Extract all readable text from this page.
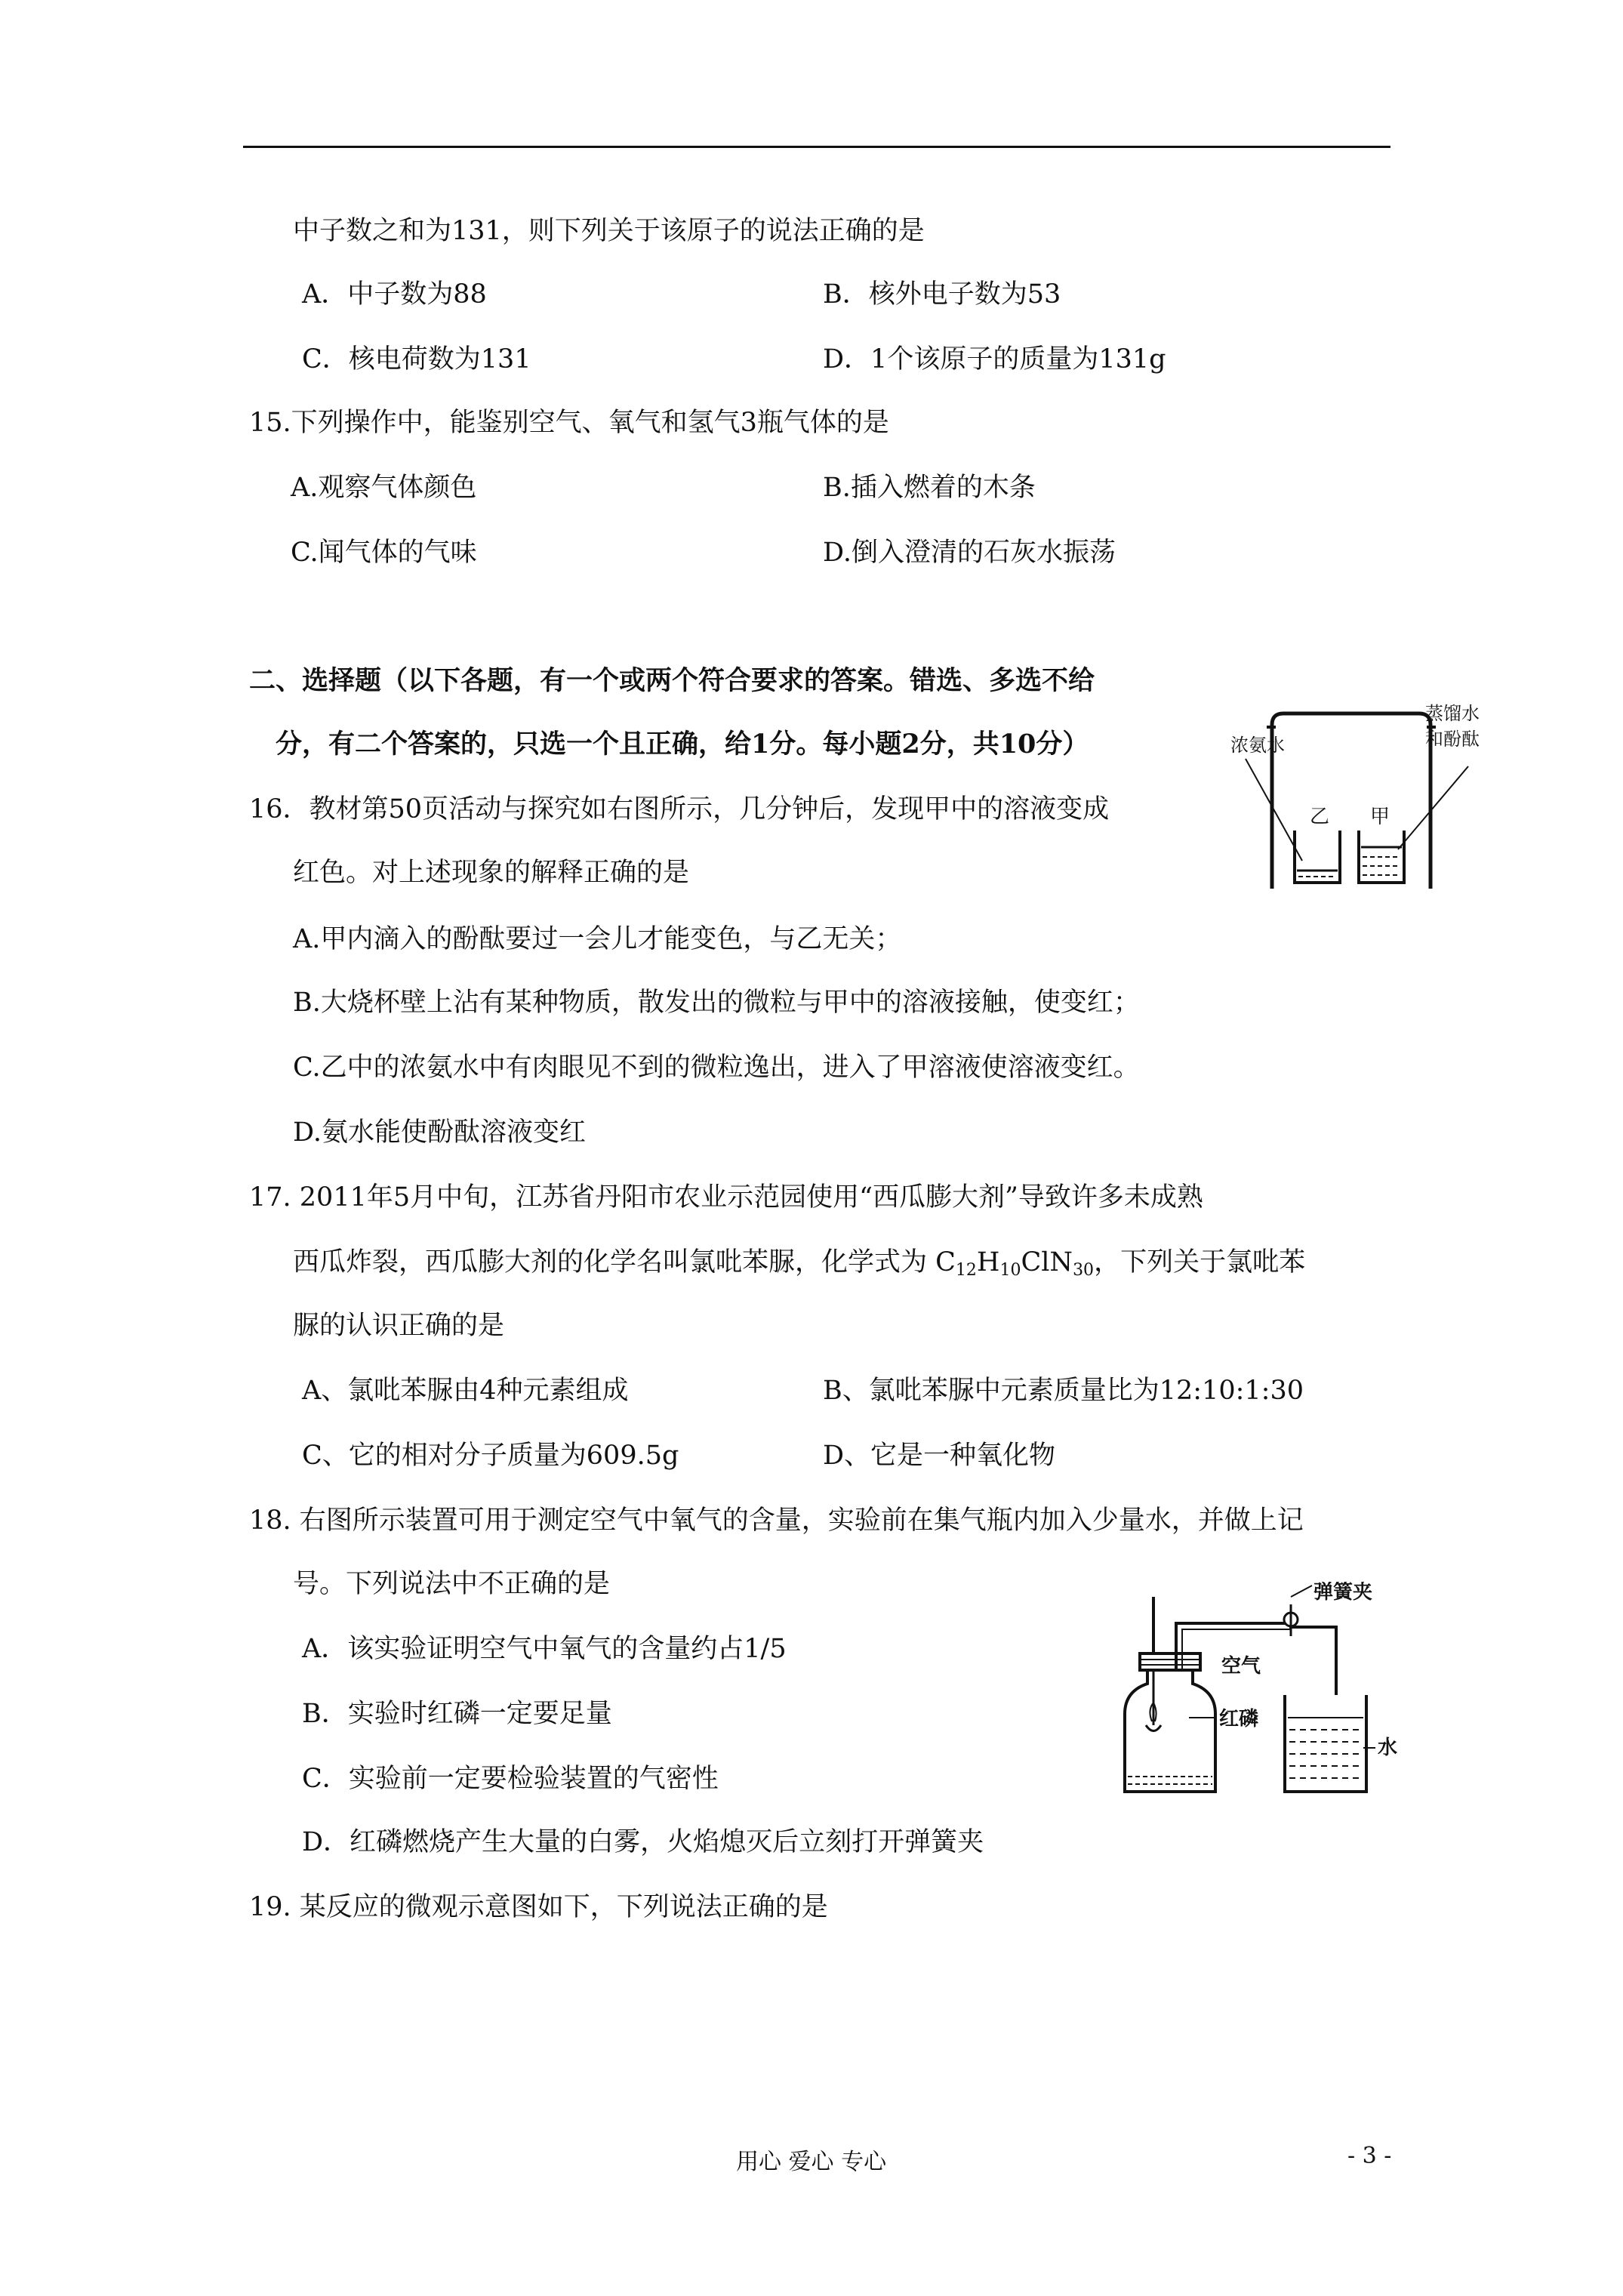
中子数之和为131，则下列关于该原子的说法正确的是
A．中子数为88	B．核外电子数为53
C．核电荷数为131	D．1个该原子的质量为131g
15.下列操作中，能鉴别空气、氧气和氢气3瓶气体的是
A.观察气体颜色	B.插入燃着的木条
C.闻气体的气味	D.倒入澄清的石灰水振荡
二、选择题（以下各题，有一个或两个符合要求的答案。错选、多选不给
分，有二个答案的，只选一个且正确，给1分。每小题2分，共10分）
16．教材第50页活动与探究如右图所示，几分钟后，发现甲中的溶液变成
红色。对上述现象的解释正确的是
A.甲内滴入的酚酞要过一会儿才能变色，与乙无关；
B.大烧杯壁上沾有某种物质，散发出的微粒与甲中的溶液接触，使变红；
C.乙中的浓氨水中有肉眼见不到的微粒逸出，进入了甲溶液使溶液变红。
D.氨水能使酚酞溶液变红
浓氨水
蒸馏水
和酚酞
乙 甲
17. 2011年5月中旬，江苏省丹阳市农业示范园使用“西瓜膨大剂”导致许多未成熟
西瓜炸裂，西瓜膨大剂的化学名叫氯吡苯脲，化学式为 $C_{12}H_{10}ClN_{30}$，下列关于氯吡苯
脲的认识正确的是
A、氯吡苯脲由4种元素组成	B、氯吡苯脲中元素质量比为12:10:1:30
C、它的相对分子质量为609.5g	D、它是一种氧化物
18. 右图所示装置可用于测定空气中氧气的含量，实验前在集气瓶内加入少量水，并做上记
号。下列说法中不正确的是
A．该实验证明空气中氧气的含量约占1/5
B．实验时红磷一定要足量
C．实验前一定要检验装置的气密性
D．红磷燃烧产生大量的白雾，火焰熄灭后立刻打开弹簧夹
弹簧夹
空气
红磷
水
19. 某反应的微观示意图如下，下列说法正确的是
用心 爱心 专心	- 3 -
